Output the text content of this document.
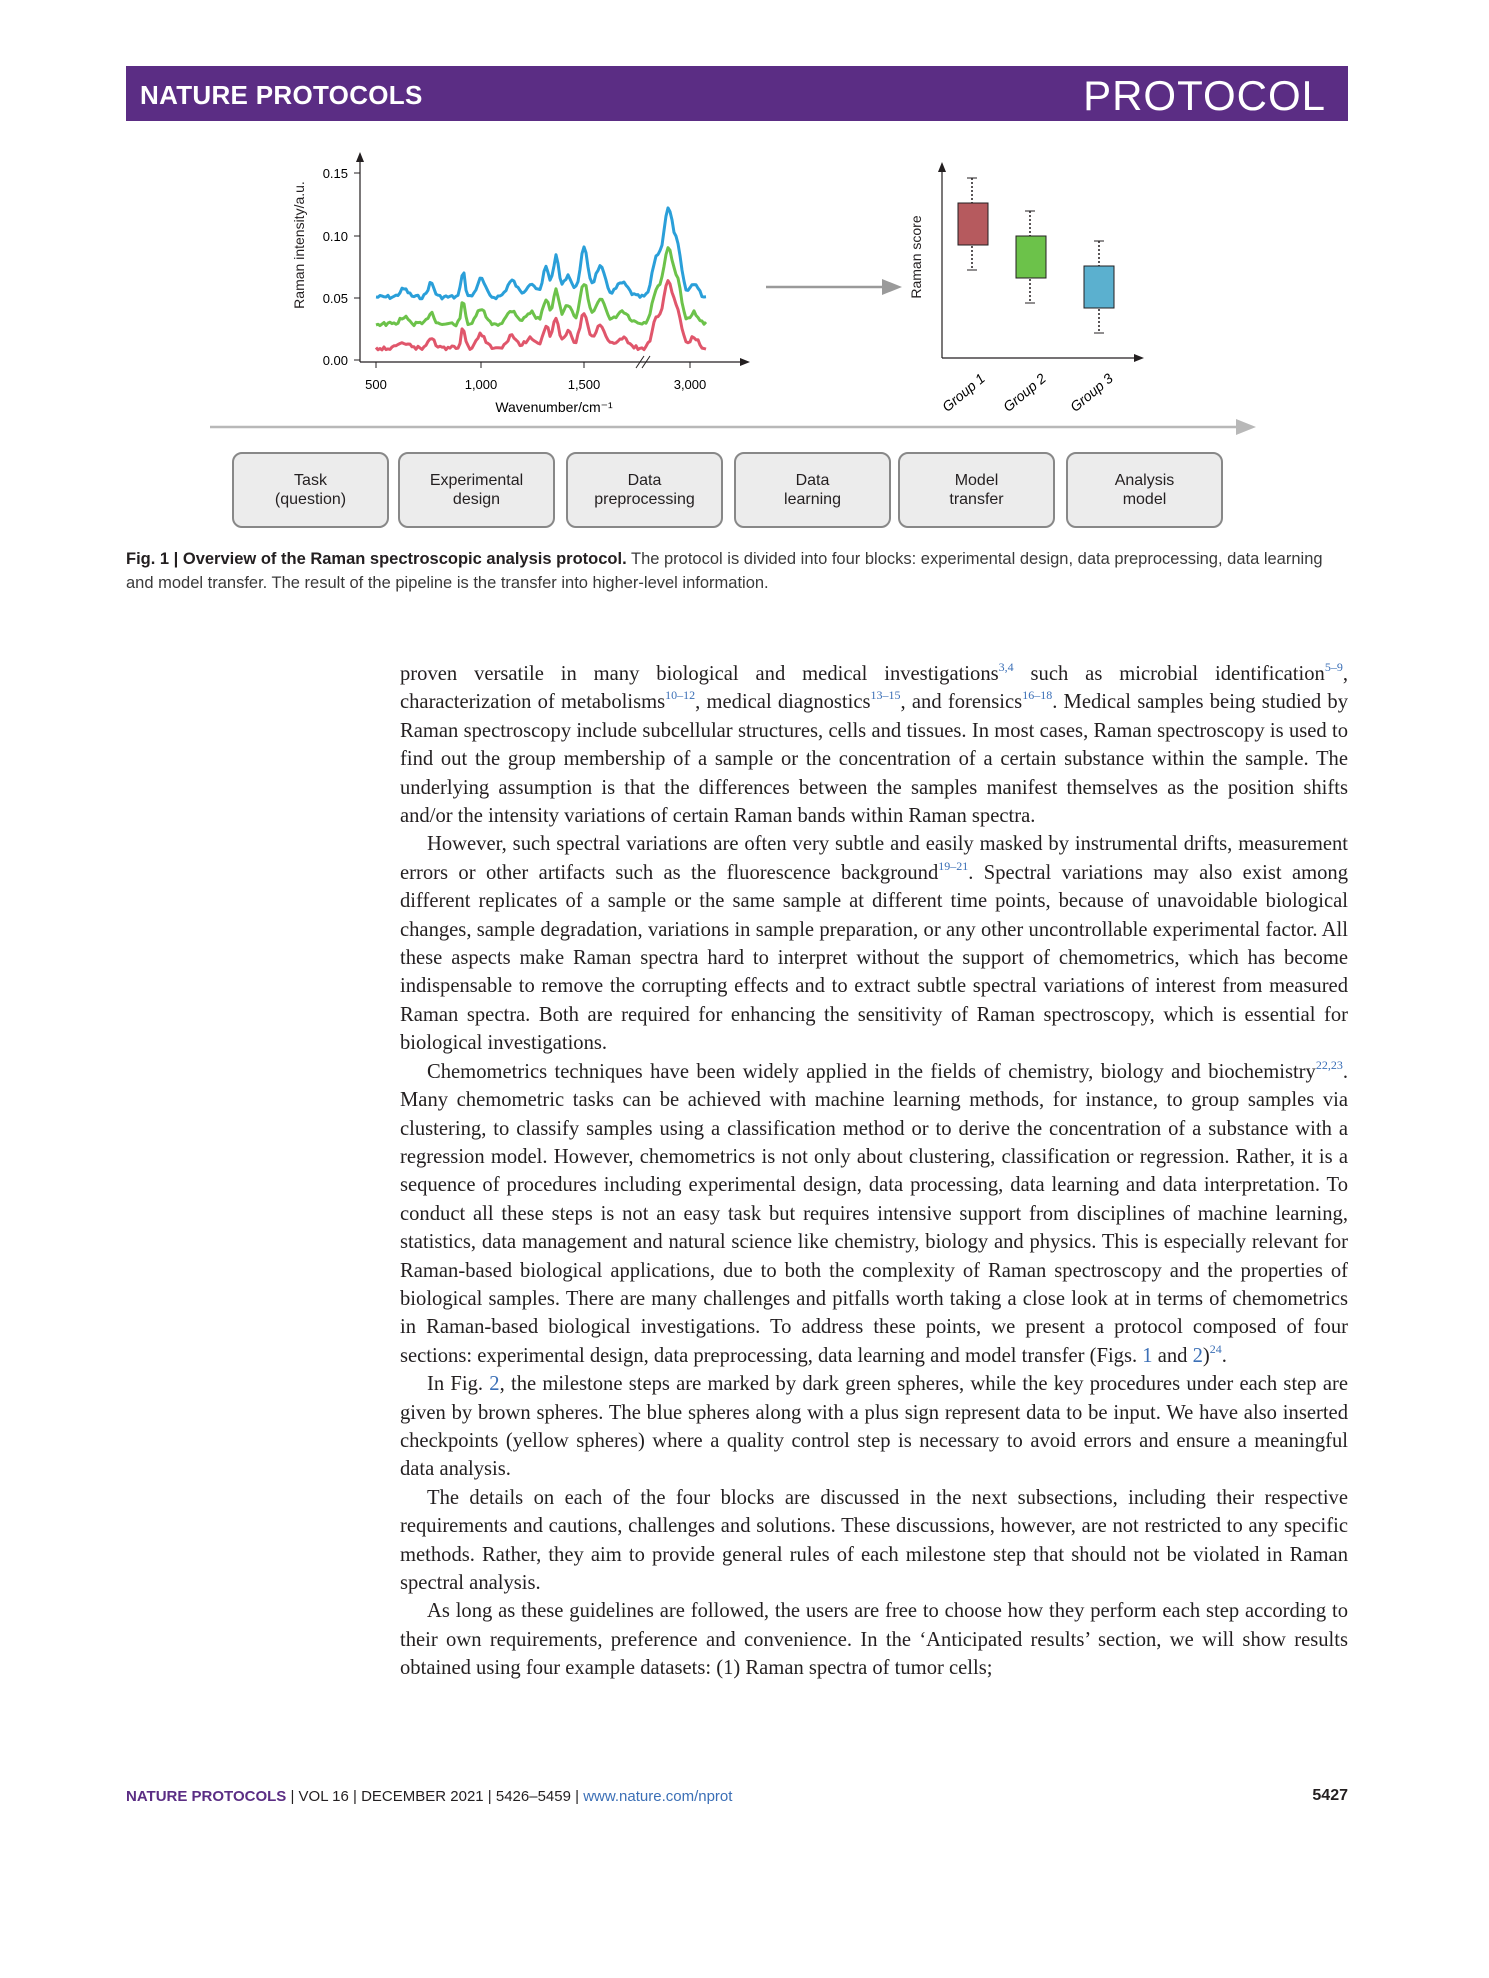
NATURE PROTOCOLS	PROTOCOL
Raman intensity/a.u.
0.15
0.10
0.05
0.00
500	1,000	1,500	3,000
Wavenumber/cm⁻¹
Raman score
Group 1 Group 2 Group 3
Task
(question)
Experimental
design
Data
preprocessing
Data
learning
Model
transfer
Analysis
model
Fig. 1 | Overview of the Raman spectroscopic analysis protocol. The protocol is divided into four blocks: experimental design, data preprocessing, data learning and model transfer. The result of the pipeline is the transfer into higher-level information.

proven versatile in many biological and medical investigations$^{3,4}$ such as microbial identification$^{5-9}$, characterization of metabolisms$^{10-12}$, medical diagnostics$^{13-15}$, and forensics$^{16-18}$. Medical samples being studied by Raman spectroscopy include subcellular structures, cells and tissues. In most cases, Raman spectroscopy is used to find out the group membership of a sample or the concentration of a certain substance within the sample. The underlying assumption is that the differences between the samples manifest themselves as the position shifts and/or the intensity variations of certain Raman bands within Raman spectra.

However, such spectral variations are often very subtle and easily masked by instrumental drifts, measurement errors or other artifacts such as the fluorescence background$^{19-21}$. Spectral variations may also exist among different replicates of a sample or the same sample at different time points, because of unavoidable biological changes, sample degradation, variations in sample preparation, or any other uncontrollable experimental factor. All these aspects make Raman spectra hard to interpret without the support of chemometrics, which has become indispensable to remove the corrupting effects and to extract subtle spectral variations of interest from measured Raman spectra. Both are required for enhancing the sensitivity of Raman spectroscopy, which is essential for biological investigations.

Chemometrics techniques have been widely applied in the fields of chemistry, biology and biochemistry$^{22,23}$. Many chemometric tasks can be achieved with machine learning methods, for instance, to group samples via clustering, to classify samples using a classification method or to derive the concentration of a substance with a regression model. However, chemometrics is not only about clustering, classification or regression. Rather, it is a sequence of procedures including experimental design, data processing, data learning and data interpretation. To conduct all these steps is not an easy task but requires intensive support from disciplines of machine learning, statistics, data management and natural science like chemistry, biology and physics. This is especially relevant for Raman-based biological applications, due to both the complexity of Raman spectroscopy and the properties of biological samples. There are many challenges and pitfalls worth taking a close look at in terms of chemometrics in Raman-based biological investigations. To address these points, we present a protocol composed of four sections: experimental design, data preprocessing, data learning and model transfer (Figs. 1 and 2)$^{24}$.

In Fig. 2, the milestone steps are marked by dark green spheres, while the key procedures under each step are given by brown spheres. The blue spheres along with a plus sign represent data to be input. We have also inserted checkpoints (yellow spheres) where a quality control step is necessary to avoid errors and ensure a meaningful data analysis.

The details on each of the four blocks are discussed in the next subsections, including their respective requirements and cautions, challenges and solutions. These discussions, however, are not restricted to any specific methods. Rather, they aim to provide general rules of each milestone step that should not be violated in Raman spectral analysis.

As long as these guidelines are followed, the users are free to choose how they perform each step according to their own requirements, preference and convenience. In the ‘Anticipated results’ section, we will show results obtained using four example datasets: (1) Raman spectra of tumor cells;

NATURE PROTOCOLS | VOL 16 | DECEMBER 2021 | 5426–5459 | www.nature.com/nprot	5427
